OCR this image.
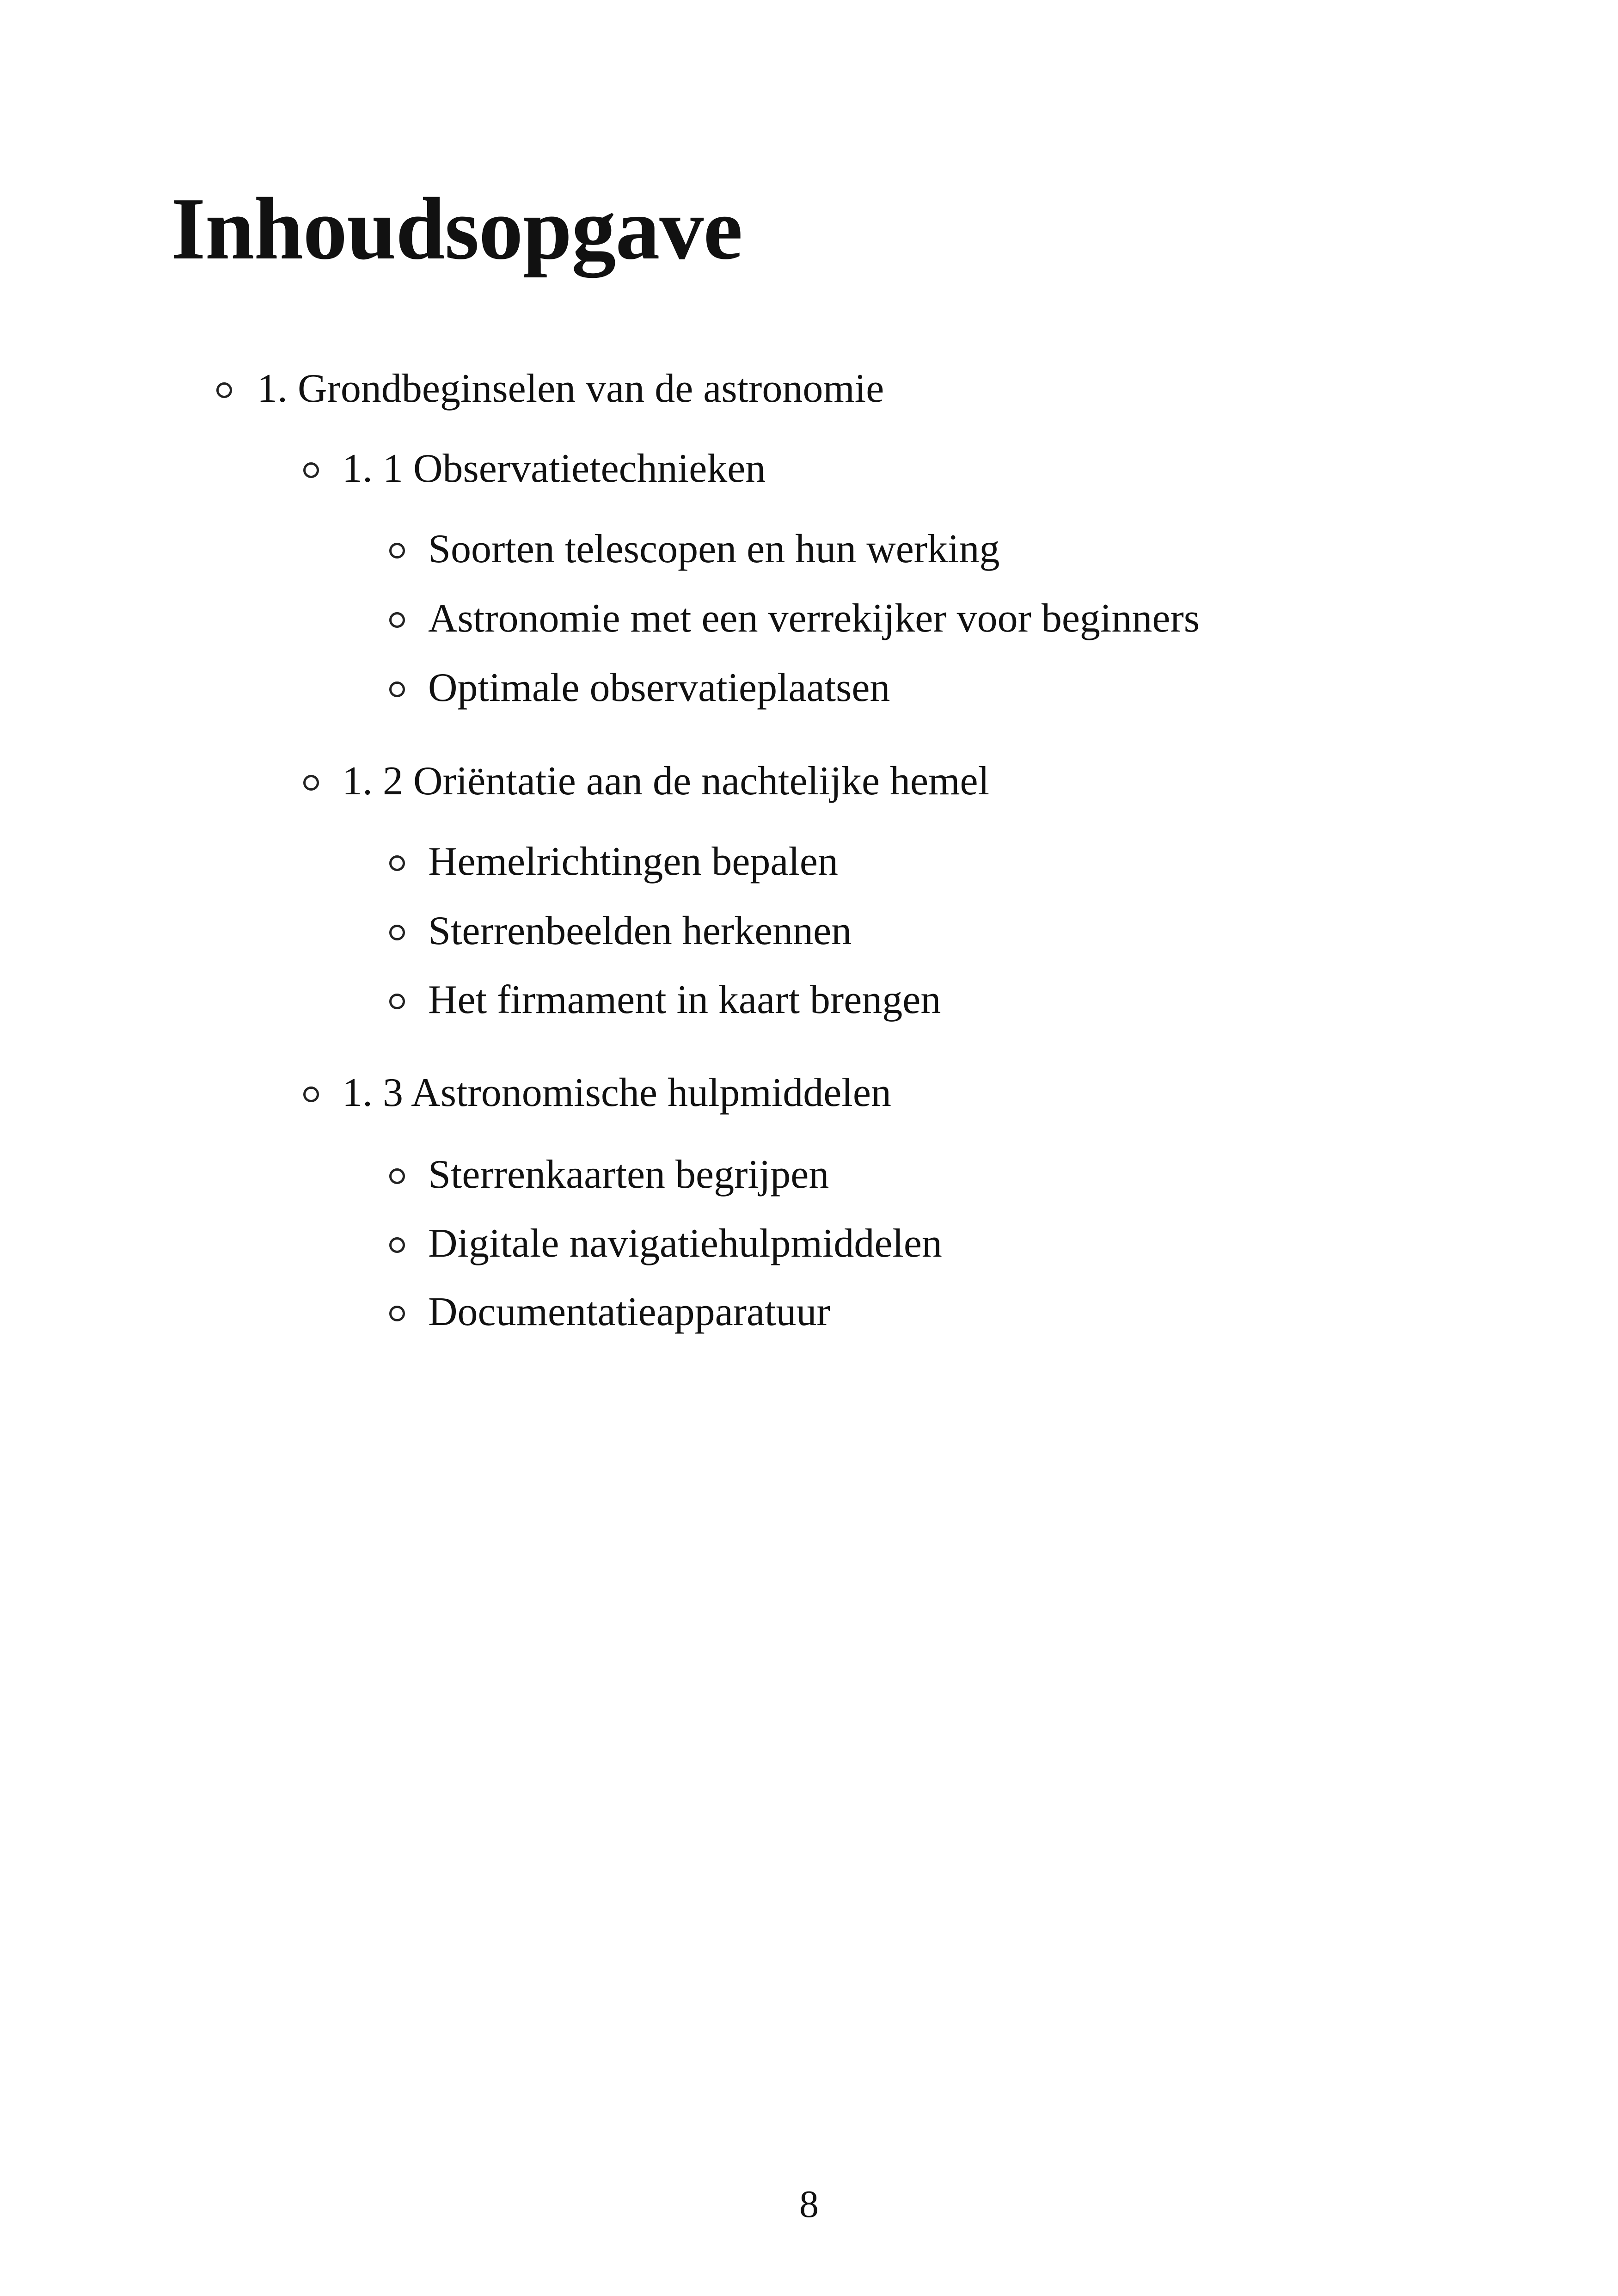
Inhoudsopgave
1. Grondbeginselen van de astronomie
1. 1 Observatietechnieken
Soorten telescopen en hun werking
Astronomie met een verrekijker voor beginners
Optimale observatieplaatsen
1. 2 Oriëntatie aan de nachtelijke hemel
Hemelrichtingen bepalen
Sterrenbeelden herkennen
Het firmament in kaart brengen
1. 3 Astronomische hulpmiddelen
Sterrenkaarten begrijpen
Digitale navigatiehulpmiddelen
Documentatieapparatuur
8
